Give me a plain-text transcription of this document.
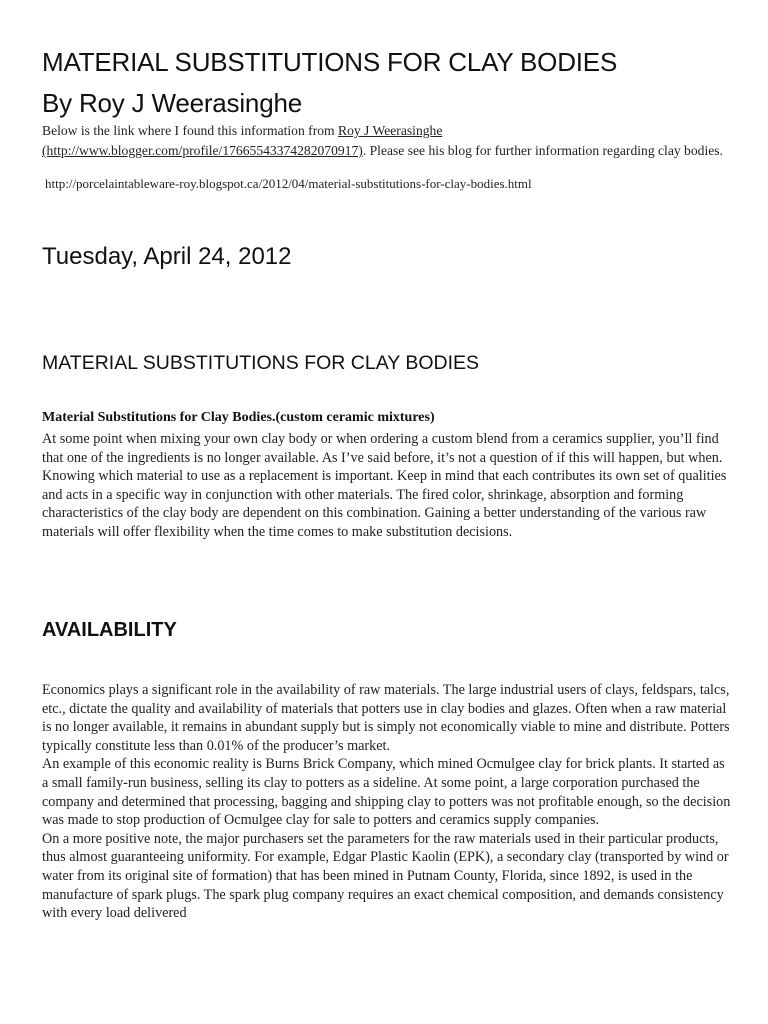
MATERIAL SUBSTITUTIONS FOR CLAY BODIES
By Roy J Weerasinghe
Below is the link where I found this information from Roy J Weerasinghe (http://www.blogger.com/profile/17665543374282070917). Please see his blog for further information regarding clay bodies.
http://porcelaintableware-roy.blogspot.ca/2012/04/material-substitutions-for-clay-bodies.html
Tuesday, April 24, 2012
MATERIAL SUBSTITUTIONS FOR CLAY BODIES
Material Substitutions for Clay Bodies.(custom ceramic mixtures)

At some point when mixing your own clay body or when ordering a custom blend from a ceramics supplier, you’ll find that one of the ingredients is no longer available. As I’ve said before, it’s not a question of if this will happen, but when. Knowing which material to use as a replacement is important. Keep in mind that each contributes its own set of qualities and acts in a specific way in conjunction with other materials. The fired color, shrinkage, absorption and forming characteristics of the clay body are dependent on this combination. Gaining a better understanding of the various raw materials will offer flexibility when the time comes to make substitution decisions.

AVAILABILITY

Economics plays a significant role in the availability of raw materials. The large industrial users of clays, feldspars, talcs, etc., dictate the quality and availability of materials that potters use in clay bodies and glazes. Often when a raw material is no longer available, it remains in abundant supply but is simply not economically viable to mine and distribute. Potters typically constitute less than 0.01% of the producer’s market.

An example of this economic reality is Burns Brick Company, which mined Ocmulgee clay for brick plants. It started as a small family-run business, selling its clay to potters as a sideline. At some point, a large corporation purchased the company and determined that processing, bagging and shipping clay to potters was not profitable enough, so the decision was made to stop production of Ocmulgee clay for sale to potters and ceramics supply companies.

On a more positive note, the major purchasers set the parameters for the raw materials used in their particular products, thus almost guaranteeing uniformity. For example, Edgar Plastic Kaolin (EPK), a secondary clay (transported by wind or water from its original site of formation) that has been mined in Putnam County, Florida, since 1892, is used in the manufacture of spark plugs. The spark plug company requires an exact chemical composition, and demands consistency with every load delivered
